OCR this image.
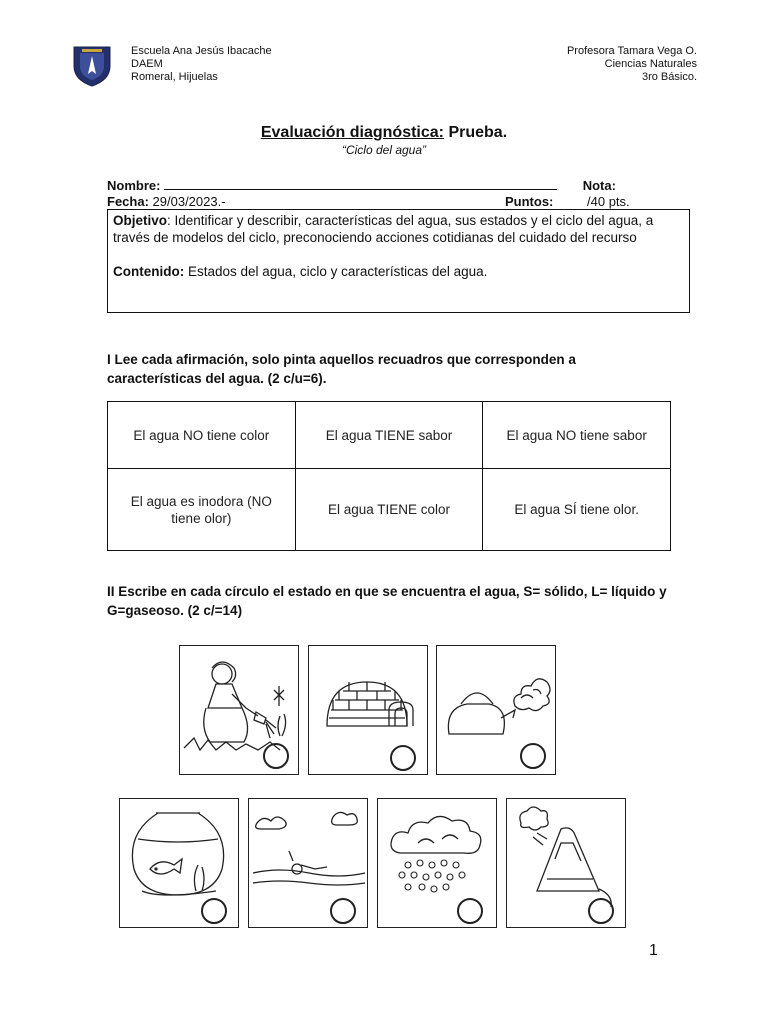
Escuela Ana Jesús Ibacache
DAEM
Romeral, Hijuelas
Profesora Tamara Vega O.
Ciencias Naturales
3ro Básico.
Evaluación diagnóstica: Prueba.
“Ciclo del agua”
Nombre:	Nota:
Fecha: 29/03/2023.-	Puntos:	/40 pts.
Objetivo: Identificar y describir, características del agua, sus estados y el ciclo del agua, a través de modelos del ciclo, preconociendo acciones cotidianas del cuidado del recurso
Contenido: Estados del agua, ciclo y características del agua.
I Lee cada afirmación, solo pinta aquellos recuadros que corresponden a características del agua. (2 c/u=6).
El agua NO tiene color	El agua TIENE sabor	El agua NO tiene sabor
El agua es inodora (NO tiene olor)	El agua TIENE color	El agua SÍ tiene olor.
II Escribe en cada círculo el estado en que se encuentra el agua, S= sólido, L= líquido y G=gaseoso. (2 c/=14)
1
